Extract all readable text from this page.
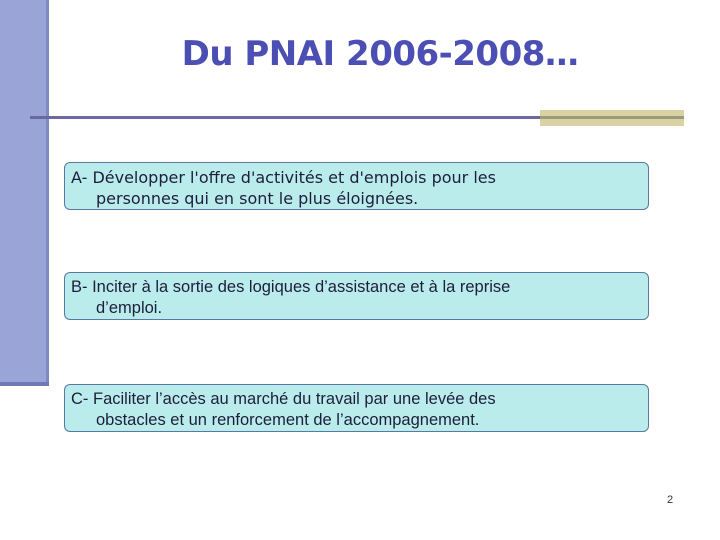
Du PNAI 2006-2008…
A- Développer l'offre d'activités et d'emplois pour les
personnes qui en sont le plus éloignées.
B- Inciter à la sortie des logiques d’assistance et à la reprise
d’emploi.
C- Faciliter l’accès au marché du travail par une levée des
obstacles et un renforcement de l’accompagnement.
2
